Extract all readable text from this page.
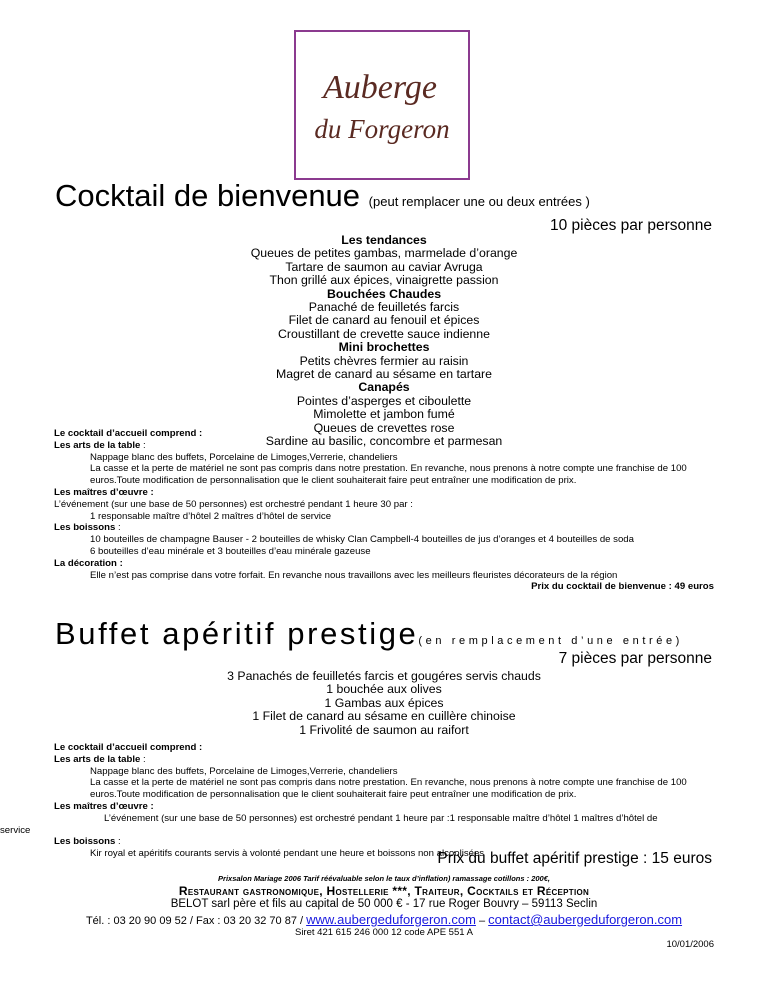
Auberge
du Forgeron
Cocktail de bienvenue (peut remplacer une ou deux entrées )
10 pièces par personne
Les tendances
Queues de petites gambas, marmelade d’orange
Tartare de saumon au caviar Avruga
Thon grillé aux épices, vinaigrette passion
Bouchées Chaudes
Panaché de feuilletés farcis
Filet de canard au fenouil et épices
Croustillant de crevette sauce indienne
Mini brochettes
Petits chèvres fermier au raisin
Magret de canard au sésame en tartare
Canapés
Pointes d’asperges et ciboulette
Mimolette et jambon fumé
Queues de crevettes rose
Sardine au basilic, concombre et parmesan
Le cocktail d’accueil comprend :
Les arts de la table :
Nappage blanc des buffets, Porcelaine de Limoges,Verrerie, chandeliers
La casse et la perte de matériel ne sont pas compris dans notre prestation. En revanche, nous prenons à notre compte une franchise de 100 euros.Toute modification de personnalisation que le client souhaiterait faire peut entraîner une modification de prix.
Les maîtres d’œuvre :
L’événement (sur une base de 50 personnes) est orchestré pendant 1 heure 30 par :
1 responsable maître d’hôtel 2 maîtres d’hôtel de service
Les boissons :
10 bouteilles de champagne Bauser - 2 bouteilles de whisky Clan Campbell-4 bouteilles de jus d’oranges et 4 bouteilles de soda
6 bouteilles d’eau minérale et 3 bouteilles d’eau minérale gazeuse
La décoration :
Elle n’est pas comprise dans votre forfait. En revanche nous travaillons avec les meilleurs fleuristes décorateurs de la région
Prix du cocktail de bienvenue : 49 euros
Buffet apéritif prestige(en remplacement d’une entrée)
7 pièces par personne
3 Panachés de feuilletés farcis et gougéres servis chauds
1 bouchée aux olives
1 Gambas aux épices
1 Filet de canard au sésame en cuillère chinoise
1 Frivolité de saumon au raifort
Le cocktail d’accueil comprend :
Les arts de la table :
Nappage blanc des buffets, Porcelaine de Limoges,Verrerie, chandeliers
La casse et la perte de matériel ne sont pas compris dans notre prestation. En revanche, nous prenons à notre compte une franchise de 100 euros.Toute modification de personnalisation que le client souhaiterait faire peut entraîner une modification de prix.
Les maîtres d’œuvre :
L’événement (sur une base de 50 personnes) est orchestré pendant 1 heure par :1 responsable maître d’hôtel 1 maîtres d’hôtel de
service
Les boissons :
Kir royal et apéritifs courants servis à volonté pendant une heure et boissons non alcoolisées
Prix du buffet apéritif prestige : 15 euros
Prixsalon Mariage 2006 Tarif réévaluable selon le taux d’inflation) ramassage cotillons : 200€,
Restaurant gastronomique, Hostellerie ***, Traiteur, Cocktails et Réception
BELOT sarl père et fils au capital de 50 000 € - 17 rue Roger Bouvry – 59113 Seclin
Tél. : 03 20 90 09 52 / Fax : 03 20 32 70 87 / www.aubergeduforgeron.com – contact@aubergeduforgeron.com
Siret 421 615 246 000 12 code APE 551 A
10/01/2006
